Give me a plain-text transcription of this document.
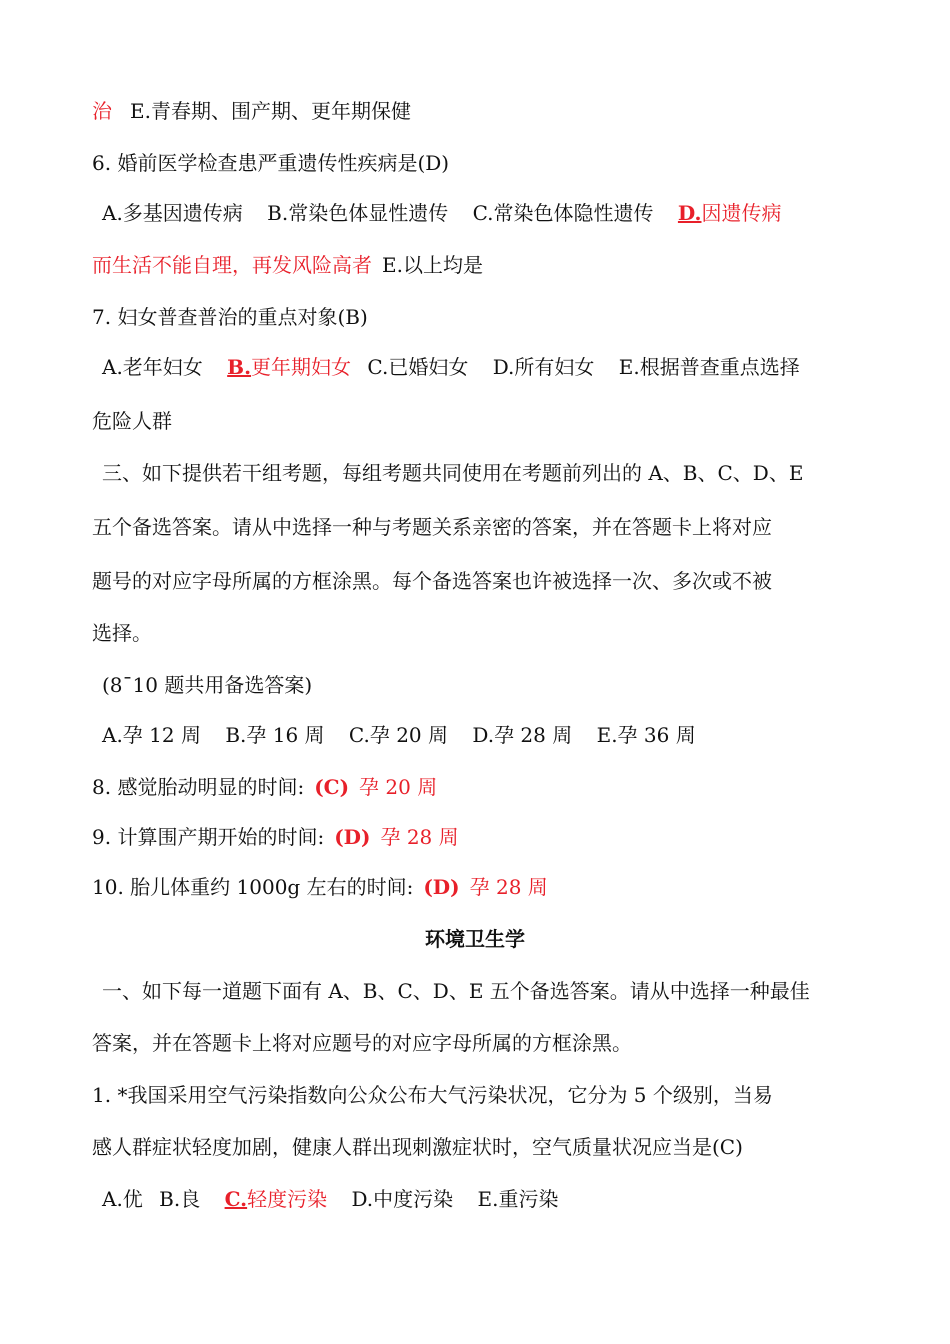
治 E.青春期、围产期、更年期保健
6. 婚前医学检查患严重遗传性疾病是(D)
A.多基因遗传病 B.常染色体显性遗传 C.常染色体隐性遗传 D.因遗传病
而生活不能自理，再发风险高者 E.以上均是
7. 妇女普查普治的重点对象(B)
A.老年妇女 B.更年期妇女 C.已婚妇女 D.所有妇女 E.根据普查重点选择
危险人群
三、如下提供若干组考题，每组考题共同使用在考题前列出的 A、B、C、D、E
五个备选答案。请从中选择一种与考题关系亲密的答案，并在答题卡上将对应
题号的对应字母所属的方框涂黑。每个备选答案也许被选择一次、多次或不被
选择。
(8¯10 题共用备选答案)
A.孕 12 周 B.孕 16 周 C.孕 20 周 D.孕 28 周 E.孕 36 周
8. 感觉胎动明显的时间: (C) 孕 20 周
9. 计算围产期开始的时间: (D) 孕 28 周
10. 胎儿体重约 1000g 左右的时间: (D) 孕 28 周
环境卫生学
一、如下每一道题下面有 A、B、C、D、E 五个备选答案。请从中选择一种最佳
答案，并在答题卡上将对应题号的对应字母所属的方框涂黑。
1. *我国采用空气污染指数向公众公布大气污染状况，它分为 5 个级别，当易
感人群症状轻度加剧，健康人群出现刺激症状时，空气质量状况应当是(C)
A.优 B.良 C.轻度污染 D.中度污染 E.重污染
